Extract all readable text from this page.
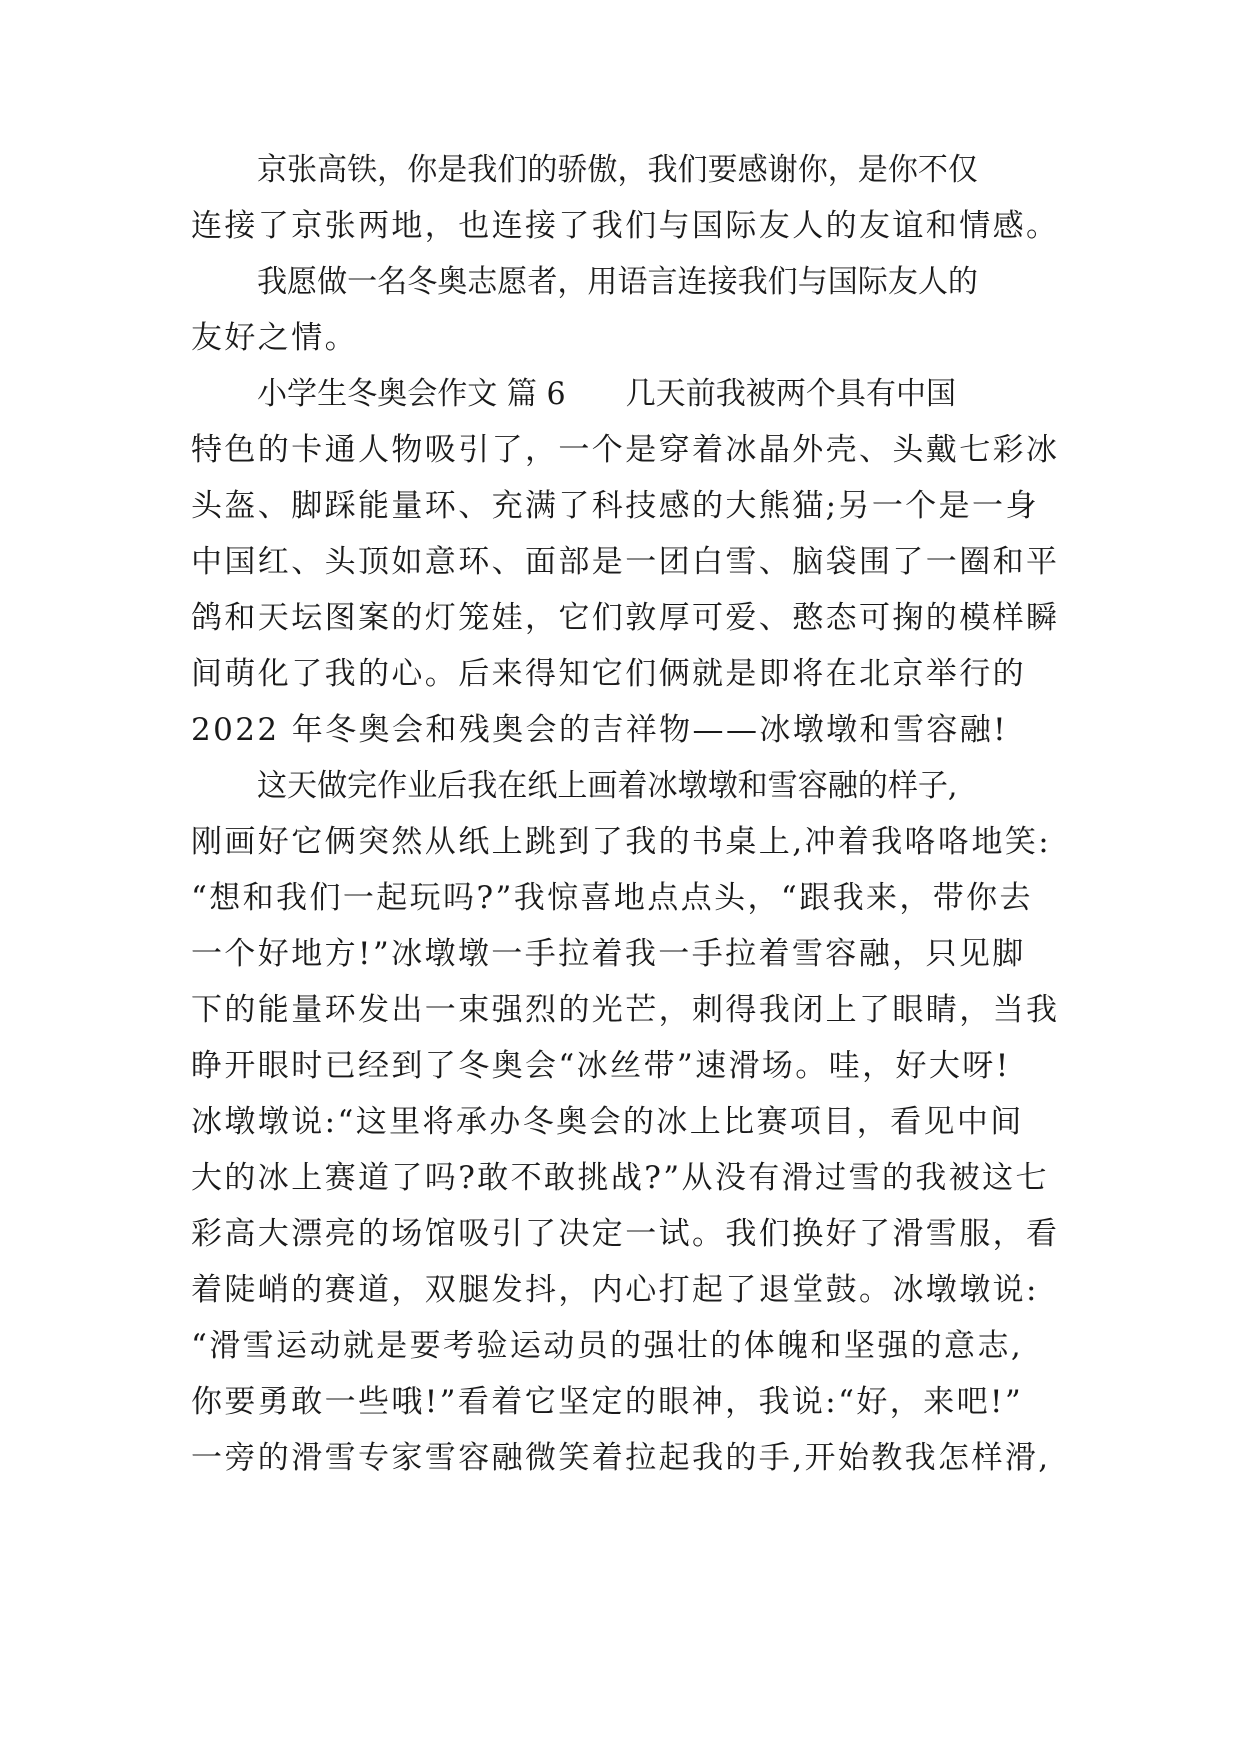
京张高铁，你是我们的骄傲，我们要感谢你，是你不仅
连接了京张两地，也连接了我们与国际友人的友谊和情感。
我愿做一名冬奥志愿者，用语言连接我们与国际友人的
友好之情。
小学生冬奥会作文 篇 6 几天前我被两个具有中国
特色的卡通人物吸引了，一个是穿着冰晶外壳、头戴七彩冰
头盔、脚踩能量环、充满了科技感的大熊猫;另一个是一身
中国红、头顶如意环、面部是一团白雪、脑袋围了一圈和平
鸽和天坛图案的灯笼娃，它们敦厚可爱、憨态可掬的模样瞬
间萌化了我的心。后来得知它们俩就是即将在北京举行的
2022 年冬奥会和残奥会的吉祥物——冰墩墩和雪容融!
这天做完作业后我在纸上画着冰墩墩和雪容融的样子,
刚画好它俩突然从纸上跳到了我的书桌上,冲着我咯咯地笑:
“想和我们一起玩吗?”我惊喜地点点头，“跟我来，带你去
一个好地方!”冰墩墩一手拉着我一手拉着雪容融，只见脚
下的能量环发出一束强烈的光芒，刺得我闭上了眼睛，当我
睁开眼时已经到了冬奥会“冰丝带”速滑场。哇，好大呀!
冰墩墩说:“这里将承办冬奥会的冰上比赛项目，看见中间
大的冰上赛道了吗?敢不敢挑战?”从没有滑过雪的我被这七
彩高大漂亮的场馆吸引了决定一试。我们换好了滑雪服，看
着陡峭的赛道，双腿发抖，内心打起了退堂鼓。冰墩墩说:
“滑雪运动就是要考验运动员的强壮的体魄和坚强的意志,
你要勇敢一些哦!”看着它坚定的眼神，我说:“好，来吧!”
一旁的滑雪专家雪容融微笑着拉起我的手,开始教我怎样滑,
